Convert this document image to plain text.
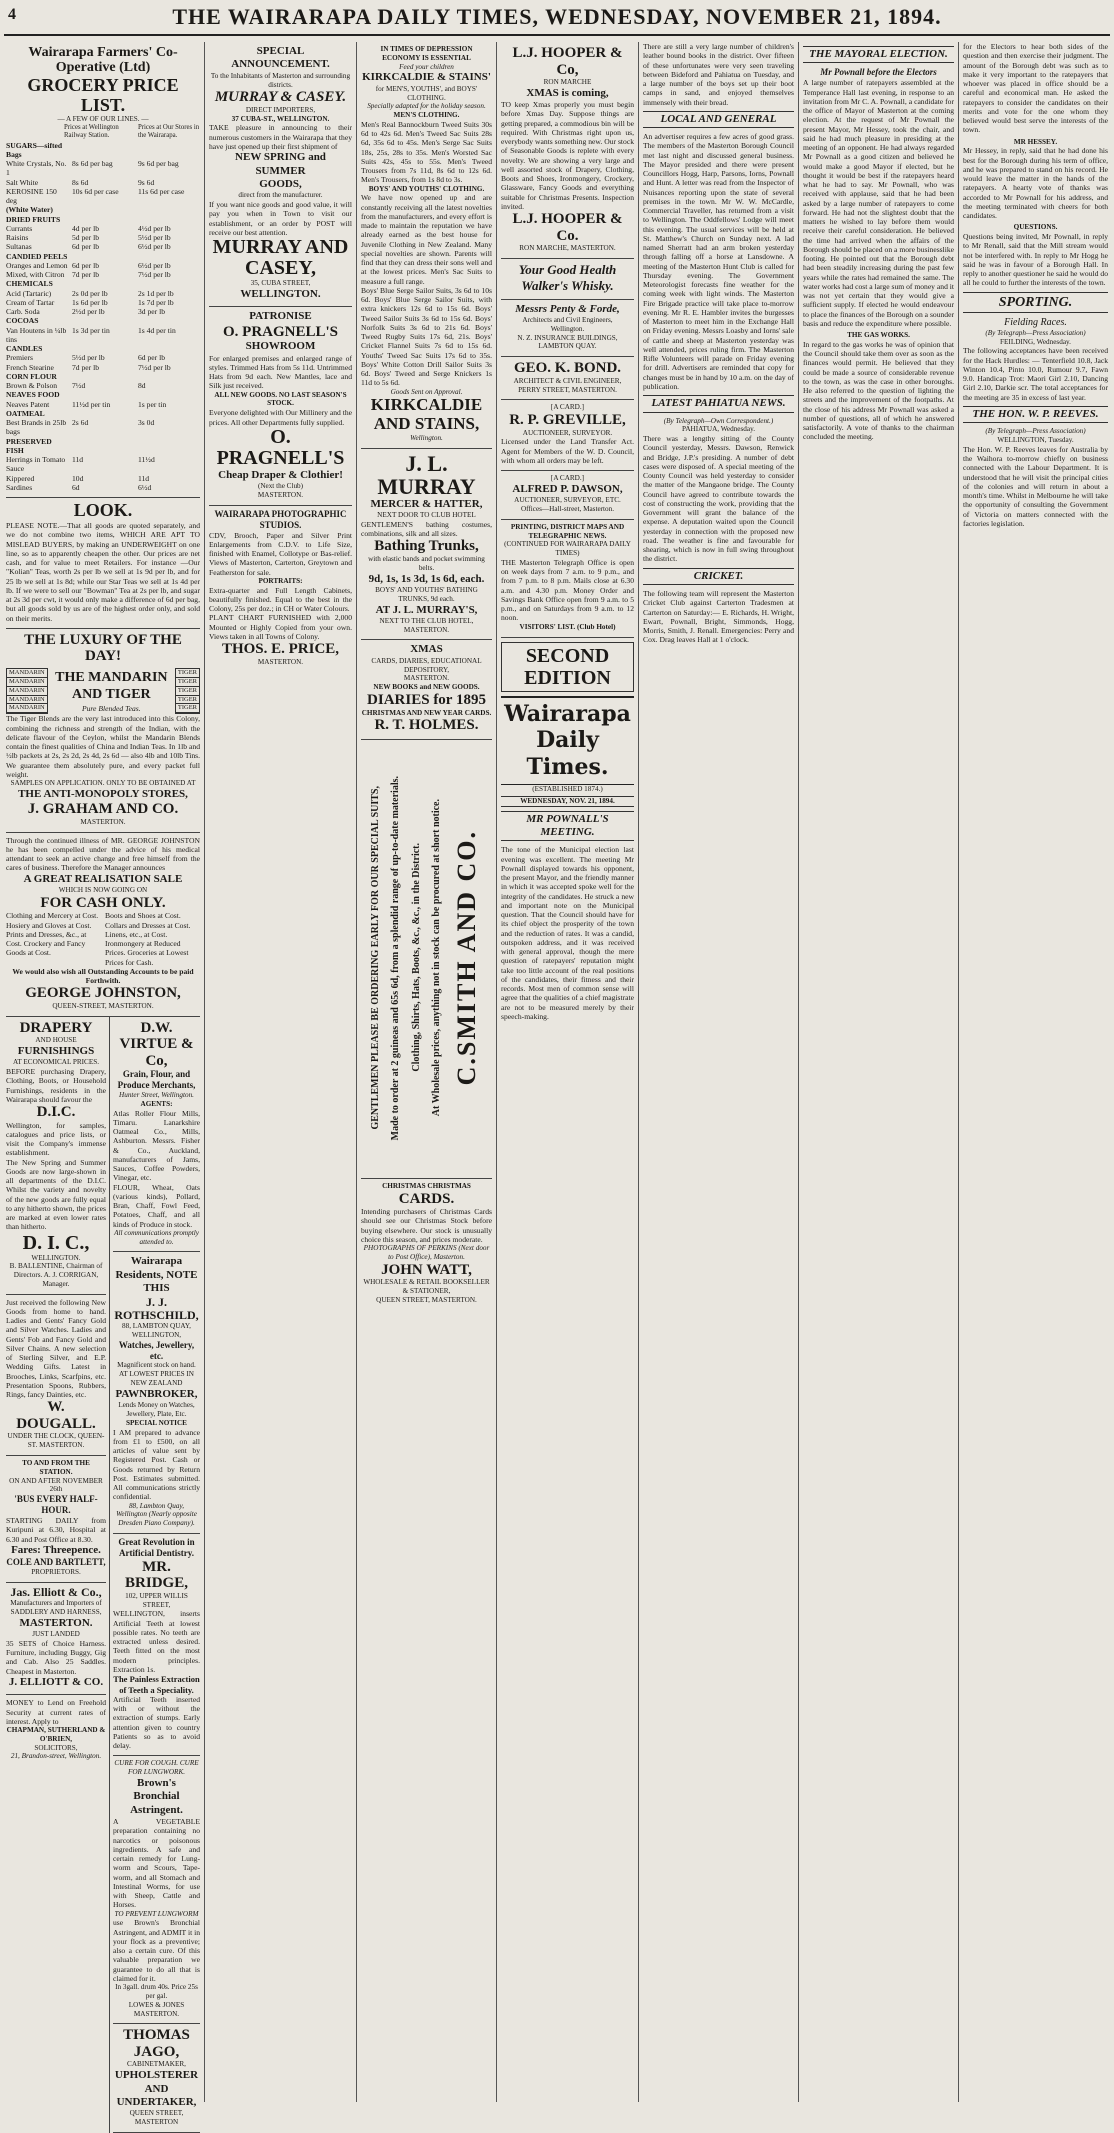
4	THE WAIRARAPA DAILY TIMES, WEDNESDAY, NOVEMBER 21, 1894.
Wairarapa Farmers' Co-Operative (Ltd)
GROCERY PRICE LIST.
— A FEW OF OUR LINES. —
Prices at Wellington Railway Station.
Prices at Our Stores in the Wairarapa.
SUGARS—sifted Bags
White Crystals, No. 1
8s 6d per bag	9s 6d per bag
Salt White	8s 6d	9s 6d
KEROSINE 150 deg
10s 6d per case	11s 6d per case
(White Water)
DRIED FRUITS
Currants	4d per lb	4½d per lb
Raisins	5d per lb	5½d per lb
Sultanas	6d per lb	6½d per lb
CANDIED PEELS
Oranges and Lemon 6d per lb	6½d per lb
Mixed, with Citron 7d per lb	7½d per lb
CHEMICALS
Acid (Tartaric)	2s 0d per lb	2s 1d per lb
Cream of Tartar	1s 6d per lb	1s 7d per lb
Carb. Soda	2½d per lb	3d per lb
COCOAS
Van Houtens in ¼lb tins
1s 3d per tin	1s 4d per tin
CANDLES
Premiers	5½d per lb	6d per lb
French Stearine	7d per lb	7½d per lb
CORN FLOUR
Brown & Polson	7½d	8d
NEAVES FOOD
Neaves Patent	11½d per tin	1s per tin
OATMEAL
Best Brands in 25lb bags
2s 6d	3s 0d
PRESERVED FISH
Herrings in Tomato Sauce
11d	11½d
Kippered	10d	11d
Sardines	6d	6½d
LOOK.
PLEASE NOTE.—That all goods are quoted separately, and we do not combine two items, WHICH ARE APT TO MISLEAD BUYERS, by making an UNDERWEIGHT on one line, so as to apparently cheapen the other. Our prices are net cash, and for value to meet Retailers. For instance —Our "Kolian" Teas, worth 2s per lb we sell at 1s 9d per lb, and for 25 lb we sell at 1s 8d; while our Star Teas we sell at 1s 4d per lb. If we were to sell our "Bowman" Tea at 2s per lb, and sugar at 2s 3d per cwt, it would only make a difference of 6d per bag, but all goods sold by us are of the highest order only, and sold on their merits.
THE LUXURY OF THE DAY!
MANDARIN
MANDARIN
MANDARIN
MANDARIN
MANDARIN
THE MANDARIN AND TIGER
Pure Blended Teas.
TIGER
TIGER
TIGER
TIGER
TIGER
The Tiger Blends are the very last introduced into this Colony, combining the richness and strength of the Indian, with the delicate flavour of the Ceylon, whilst the Mandarin Blends contain the finest qualities of China and Indian Teas. In 1lb and ½lb packets at 2s, 2s 2d, 2s 4d, 2s 6d — also 4lb and 10lb Tins. We guarantee them absolutely pure, and every packet full weight.
SAMPLES ON APPLICATION. ONLY TO BE OBTAINED AT
THE ANTI-MONOPOLY STORES,
J. GRAHAM AND CO.
MASTERTON.
Through the continued illness of MR. GEORGE JOHNSTON he has been compelled under the advice of his medical attendant to seek an active change and free himself from the cares of business. Therefore the Manager announces
A GREAT REALISATION SALE
WHICH IS NOW GOING ON
FOR CASH ONLY.
Clothing and Mercery at Cost. Hosiery and Gloves at Cost. Prints and Dresses, &c., at Cost. Crockery and Fancy Goods at Cost.
Boots and Shoes at Cost. Collars and Dresses at Cost. Linens, etc., at Cost. Ironmongery at Reduced Prices. Groceries at Lowest Prices for Cash.
We would also wish all Outstanding Accounts to be paid Forthwith.
GEORGE JOHNSTON,
QUEEN-STREET, MASTERTON.
DRAPERY
AND HOUSE
FURNISHINGS
AT ECONOMICAL PRICES.
BEFORE purchasing Drapery, Clothing, Boots, or Household Furnishings, residents in the Wairarapa should favour the
D.I.C.
Wellington, for samples, catalogues and price lists, or visit the Company's immense establishment.
The New Spring and Summer Goods are now large-shown in all departments of the D.I.C. Whilst the variety and novelty of the new goods are fully equal to any hitherto shown, the prices are marked at even lower rates than hitherto.
D. I. C.,
WELLINGTON.
B. BALLENTINE, Chairman of Directors. A. J. CORRIGAN, Manager.
Just received the following New Goods from home to hand. Ladies and Gents' Fancy Gold and Silver Watches. Ladies and Gents' Fob and Fancy Gold and Silver Chains. A new selection of Sterling Silver, and E.P. Wedding Gifts. Latest in Brooches, Links, Scarfpins, etc. Presentation Spoons, Rubbers, Rings, fancy Dainties, etc.
W. DOUGALL.
UNDER THE CLOCK, QUEEN-ST. MASTERTON.
TO AND FROM THE STATION.
ON AND AFTER NOVEMBER 26th
'BUS EVERY HALF-HOUR.
STARTING DAILY from Kuripuni at 6.30, Hospital at 6.30 and Post Office at 8.30.
Fares: Threepence.
COLE AND BARTLETT,
PROPRIETORS.
Jas. Elliott & Co.,
Manufacturers and Importers of SADDLERY AND HARNESS,
MASTERTON.
JUST LANDED
35 SETS of Choice Harness. Furniture, including Buggy, Gig and Cab. Also 25 Saddles. Cheapest in Masterton.
J. ELLIOTT & CO.
MONEY to Lend on Freehold Security at current rates of interest. Apply to
CHAPMAN, SUTHERLAND & O'BRIEN,
SOLICITORS,
21, Brandon-street, Wellington.
D.W. VIRTUE & Co,
Grain, Flour, and Produce Merchants,
Hunter Street, Wellington.
AGENTS:
Atlas Roller Flour Mills, Timaru. Lanarkshire Oatmeal Co., Mills, Ashburton. Messrs. Fisher & Co., Auckland, manufacturers of Jams, Sauces, Coffee Powders, Vinegar, etc.
FLOUR, Wheat, Oats (various kinds), Pollard, Bran, Chaff, Fowl Feed, Potatoes, Chaff, and all kinds of Produce in stock.
All communications promptly attended to.
Wairarapa Residents, NOTE THIS
J. J. ROTHSCHILD,
88, LAMBTON QUAY, WELLINGTON,
Watches, Jewellery, etc.
Magnificent stock on hand. AT LOWEST PRICES IN NEW ZEALAND
PAWNBROKER,
Lends Money on Watches, Jewellery, Plate, Etc.
SPECIAL NOTICE
I AM prepared to advance from £1 to £500, on all articles of value sent by Registered Post. Cash or Goods returned by Return Post. Estimates submitted. All communications strictly confidential.
88, Lambton Quay, Wellington (Nearly opposite Dresden Piano Company).
Great Revolution in Artificial Dentistry.
MR. BRIDGE,
102, UPPER WILLIS STREET,
WELLINGTON, inserts Artificial Teeth at lowest possible rates. No teeth are extracted unless desired. Teeth fitted on the most modern principles. Extraction 1s.
The Painless Extraction of Teeth a Speciality.
Artificial Teeth inserted with or without the extraction of stumps. Early attention given to country Patients so as to avoid delay.
CURE FOR COUGH. CURE FOR LUNGWORK.
Brown's Bronchial Astringent.
A VEGETABLE preparation containing no narcotics or poisonous ingredients. A safe and certain remedy for Lung-worm and Scours, Tape-worm, and all Stomach and Intestinal Worms, for use with Sheep, Cattle and Horses.
TO PREVENT LUNGWORM
use Brown's Bronchial Astringent, and ADMIT it in your flock as a preventive; also a certain cure. Of this valuable preparation we guarantee to do all that is claimed for it.
In 3gall. drum 40s. Price 25s per gal.
LOWES & JONES MASTERTON.
THOMAS JAGO,
CABINETMAKER,
UPHOLSTERER
AND UNDERTAKER,
QUEEN STREET, MASTERTON
SPECIAL ANNOUNCEMENT.
To the Inhabitants of Masterton and surrounding districts.
MURRAY & CASEY.
DIRECT IMPORTERS,
37 CUBA-ST., WELLINGTON.
TAKE pleasure in announcing to their numerous customers in the Wairarapa that they have just opened up their first shipment of
NEW SPRING and SUMMER
GOODS,
direct from the manufacturer.
If you want nice goods and good value, it will pay you when in Town to visit our establishment, or an order by POST will receive our best attention.
MURRAY AND CASEY,
35, CUBA STREET,
WELLINGTON.
PATRONISE
O. PRAGNELL'S
SHOWROOM
For enlarged premises and enlarged range of styles. Trimmed Hats from 5s 11d. Untrimmed Hats from 9d each. New Mantles, lace and Silk just received.
ALL NEW GOODS. NO LAST SEASON'S STOCK.
Everyone delighted with Our Millinery and the prices. All other Departments fully supplied.
O. PRAGNELL'S
Cheap Draper & Clothier!
(Next the Club)
MASTERTON.
WAIRARAPA PHOTOGRAPHIC STUDIOS.
CDV, Brooch, Paper and Silver Print Enlargements from C.D.V. to Life Size, finished with Enamel, Collotype or Bas-relief. Views of Masterton, Carterton, Greytown and Featherston for sale.
PORTRAITS:
Extra-quarter and Full Length Cabinets, beautifully finished. Equal to the best in the Colony, 25s per doz.; in CH or Water Colours.
PLANT CHART FURNISHED with 2,000 Mounted or Highly Copied from your own. Views taken in all Towns of Colony.
THOS. E. PRICE,
MASTERTON.
IN TIMES OF DEPRESSION ECONOMY IS ESSENTIAL
Feed your children
KIRKCALDIE & STAINS'
for MEN'S, YOUTHS', and BOYS' CLOTHING.
Specially adapted for the holiday season.
MEN'S CLOTHING.
Men's Real Bannockburn Tweed Suits 30s 6d to 42s 6d. Men's Tweed Sac Suits 28s 6d, 35s 6d to 45s. Men's Serge Sac Suits 18s, 25s, 28s to 35s. Men's Worsted Sac Suits 42s, 45s to 55s. Men's Tweed Trousers from 7s 11d, 8s 6d to 12s 6d. Men's Trousers, from 1s 8d to 3s.
BOYS' AND YOUTHS' CLOTHING.
We have now opened up and are constantly receiving all the latest novelties from the manufacturers, and every effort is made to maintain the reputation we have already earned as the best house for Juvenile Clothing in New Zealand. Many special novelties are shown. Parents will find that they can dress their sons well and at the lowest prices. Men's Sac Suits to measure a full range.
Boys' Blue Serge Sailor Suits, 3s 6d to 10s 6d. Boys' Blue Serge Sailor Suits, with extra knickers 12s 6d to 15s 6d. Boys' Tweed Sailor Suits 3s 6d to 15s 6d. Boys' Norfolk Suits 3s 6d to 21s 6d. Boys' Tweed Rugby Suits 17s 6d, 21s. Boys' Cricket Flannel Suits 7s 6d to 15s 6d. Youths' Tweed Sac Suits 17s 6d to 35s. Boys' White Cotton Drill Sailor Suits 3s 6d. Boys' Tweed and Serge Knickers 1s 11d to 5s 6d.
Goods Sent on Approval.
KIRKCALDIE AND STAINS,
Wellington.
J. L. MURRAY
MERCER & HATTER,
NEXT DOOR TO CLUB HOTEL
GENTLEMEN'S bathing costumes, combinations, silk and all sizes.
Bathing Trunks,
with elastic bands and pocket swimming belts.
9d, 1s, 1s 3d, 1s 6d, each.
BOYS' AND YOUTHS' BATHING TRUNKS, 9d each.
AT J. L. MURRAY'S,
NEXT TO THE CLUB HOTEL, MASTERTON.
XMAS
CARDS, DIARIES, EDUCATIONAL DEPOSITORY,
MASTERTON.
NEW BOOKS and NEW GOODS.
DIARIES for 1895
CHRISTMAS AND NEW YEAR CARDS.
R. T. HOLMES.
GENTLEMEN PLEASE BE ORDERING EARLY FOR OUR SPECIAL SUITS, Made to order at 2 guineas and 65s 6d, from a splendid range of up-to-date materials. Clothing, Shirts, Hats, Boots, &c., &c., in the District. At Wholesale prices, anything not in stock can be procured at short notice. C.SMITH AND CO.
CHRISTMAS CHRISTMAS
CARDS.
Intending purchasers of Christmas Cards should see our Christmas Stock before buying elsewhere. Our stock is unusually choice this season, and prices moderate.
PHOTOGRAPHS OF PERKINS (Next door to Post Office), Masterton.
JOHN WATT,
WHOLESALE & RETAIL BOOKSELLER & STATIONER,
QUEEN STREET, MASTERTON.
L.J. HOOPER & Co,
RON MARCHE
XMAS is coming,
TO keep Xmas properly you must begin before Xmas Day. Suppose things are getting prepared, a commodious bin will be required. With Christmas right upon us, everybody wants something new. Our stock of Seasonable Goods is replete with every novelty. We are showing a very large and well assorted stock of Drapery, Clothing, Boots and Shoes, Ironmongery, Crockery, Glassware, Fancy Goods and everything suitable for Christmas Presents. Inspection invited.
L.J. HOOPER & Co.
RON MARCHE, MASTERTON.
Your Good Health
Walker's Whisky.
Messrs Penty & Forde,
Architects and Civil Engineers,
Wellington.
N. Z. INSURANCE BUILDINGS, LAMBTON QUAY.
GEO. K. BOND.
ARCHITECT & CIVIL ENGINEER,
PERRY STREET, MASTERTON.
[A CARD.]
R. P. GREVILLE,
AUCTIONEER, SURVEYOR.
Licensed under the Land Transfer Act. Agent for Members of the W. D. Council, with whom all orders may be left.
[A CARD.]
ALFRED P. DAWSON,
AUCTIONEER, SURVEYOR, ETC.
Offices—Hall-street, Masterton.
PRINTING, DISTRICT MAPS AND TELEGRAPHIC NEWS.
(CONTINUED FOR WAIRARAPA DAILY TIMES)
THE Masterton Telegraph Office is open on week days from 7 a.m. to 9 p.m., and from 7 p.m. to 8 p.m. Mails close at 6.30 a.m. and 4.30 p.m. Money Order and Savings Bank Office open from 9 a.m. to 5 p.m., and on Saturdays from 9 a.m. to 12 noon.
VISITORS' LIST. (Club Hotel)
SECOND EDITION
Wairarapa Daily Times.
(ESTABLISHED 1874.)
WEDNESDAY, NOV. 21, 1894.
MR POWNALL'S MEETING.
The tone of the Municipal election last evening was excellent. The meeting Mr Pownall displayed towards his opponent, the present Mayor, and the friendly manner in which it was accepted spoke well for the integrity of the candidates. He struck a new and important note on the Municipal question. That the Council should have for its chief object the prosperity of the town and the reduction of rates. It was a candid, outspoken address, and it was received with general approval, though the mere question of ratepayers' reputation might take too little account of the real positions of the candidates, their fitness and their records. Most men of common sense will agree that the qualities of a chief magistrate are not to be measured merely by their speech-making.
There are still a very large number of children's leather bound books in the district. Over fifteen of these unfortunates were very seen traveling between Bideford and Pahiatua on Tuesday, and a large number of the boys set up their boot camps in sand, and enjoyed themselves immensely with their bread.
LOCAL AND GENERAL
An advertiser requires a few acres of good grass. The members of the Masterton Borough Council met last night and discussed general business. The Mayor presided and there were present Councillors Hogg, Harp, Parsons, Iorns, Pownall and Hunt. A letter was read from the Inspector of Nuisances reporting upon the state of several premises in the town. Mr W. W. McCardle, Commercial Traveller, has returned from a visit to Wellington. The Oddfellows' Lodge will meet this evening. The usual services will be held at St. Matthew's Church on Sunday next. A lad named Sherratt had an arm broken yesterday through falling off a horse at Lansdowne. A meeting of the Masterton Hunt Club is called for Thursday evening. The Government Meteorologist forecasts fine weather for the coming week with light winds. The Masterton Fire Brigade practice will take place to-morrow evening. Mr R. E. Hambler invites the burgesses of Masterton to meet him in the Exchange Hall on Friday evening. Messrs Loasby and Iorns' sale of cattle and sheep at Masterton yesterday was well attended, prices ruling firm. The Masterton Rifle Volunteers will parade on Friday evening for drill. Advertisers are reminded that copy for changes must be in hand by 10 a.m. on the day of publication.
LATEST PAHIATUA NEWS.
(By Telegraph—Own Correspondent.)
PAHIATUA, Wednesday.
There was a lengthy sitting of the County Council yesterday, Messrs. Dawson, Renwick and Bridge, J.P.'s presiding. A number of debt cases were disposed of. A special meeting of the County Council was held yesterday to consider the matter of the Mangaone bridge. The County Council have agreed to contribute towards the cost of constructing the work, providing that the Government will grant the balance of the expense. A deputation waited upon the Council yesterday in connection with the proposed new road. The weather is fine and favourable for shearing, which is now in full swing throughout the district.
CRICKET.
The following team will represent the Masterton Cricket Club against Carterton Tradesmen at Carterton on Saturday:— E. Richards, H. Wright, Ewart, Pownall, Bright, Simmonds, Hogg, Morris, Smith, J. Renall. Emergencies: Perry and Cox. Drag leaves Hall at 1 o'clock.
THE MAYORAL ELECTION.
Mr Pownall before the Electors
A large number of ratepayers assembled at the Temperance Hall last evening, in response to an invitation from Mr C. A. Pownall, a candidate for the office of Mayor of Masterton at the coming election. At the request of Mr Pownall the present Mayor, Mr Hessey, took the chair, and said he had much pleasure in presiding at the meeting of an opponent. He had always regarded Mr Pownall as a good citizen and believed he would make a good Mayor if elected, but he thought it would be best if the ratepayers heard what he had to say. Mr Pownall, who was received with applause, said that he had been asked by a large number of ratepayers to come forward. He had not the slightest doubt that the matters he wished to lay before them would receive their careful consideration. He believed the time had arrived when the affairs of the Borough should be placed on a more businesslike footing. He pointed out that the Borough debt had been steadily increasing during the past few years while the rates had remained the same. The water works had cost a large sum of money and it was not yet certain that they would give a sufficient supply. If elected he would endeavour to place the finances of the Borough on a sounder basis and reduce the expenditure where possible.
THE GAS WORKS.
In regard to the gas works he was of opinion that the Council should take them over as soon as the finances would permit. He believed that they could be made a source of considerable revenue to the town, as was the case in other boroughs. He also referred to the question of lighting the streets and the improvement of the footpaths. At the close of his address Mr Pownall was asked a number of questions, all of which he answered satisfactorily. A vote of thanks to the chairman concluded the meeting.
for the Electors to hear both sides of the question and then exercise their judgment. The amount of the Borough debt was such as to make it very important to the ratepayers that whoever was placed in office should be a careful and economical man. He asked the ratepayers to consider the candidates on their merits and vote for the one whom they believed would best serve the interests of the town.
MR HESSEY.
Mr Hessey, in reply, said that he had done his best for the Borough during his term of office, and he was prepared to stand on his record. He would leave the matter in the hands of the ratepayers. A hearty vote of thanks was accorded to Mr Pownall for his address, and the meeting terminated with cheers for both candidates.
QUESTIONS.
Questions being invited, Mr Pownall, in reply to Mr Renall, said that the Mill stream would not be interfered with. In reply to Mr Hogg he said he was in favour of a Borough Hall. In reply to another questioner he said he would do all he could to further the interests of the town.
SPORTING.
Fielding Races.
(By Telegraph—Press Association)
FEILDING, Wednesday.
The following acceptances have been received for the Hack Hurdles: — Tenterfield 10.8, Jack Winton 10.4, Pinto 10.0, Rumour 9.7, Fawn 9.0. Handicap Trot: Maori Girl 2.10, Dancing Girl 2.10, Darkie scr. The total acceptances for the meeting are 35 in excess of last year.
THE HON. W. P. REEVES.
(By Telegraph—Press Association)
WELLINGTON, Tuesday.
The Hon. W. P. Reeves leaves for Australia by the Waihora to-morrow chiefly on business connected with the Labour Department. It is understood that he will visit the principal cities of the colonies and will return in about a month's time. Whilst in Melbourne he will take the opportunity of consulting the Government of Victoria on matters connected with the factories legislation.
